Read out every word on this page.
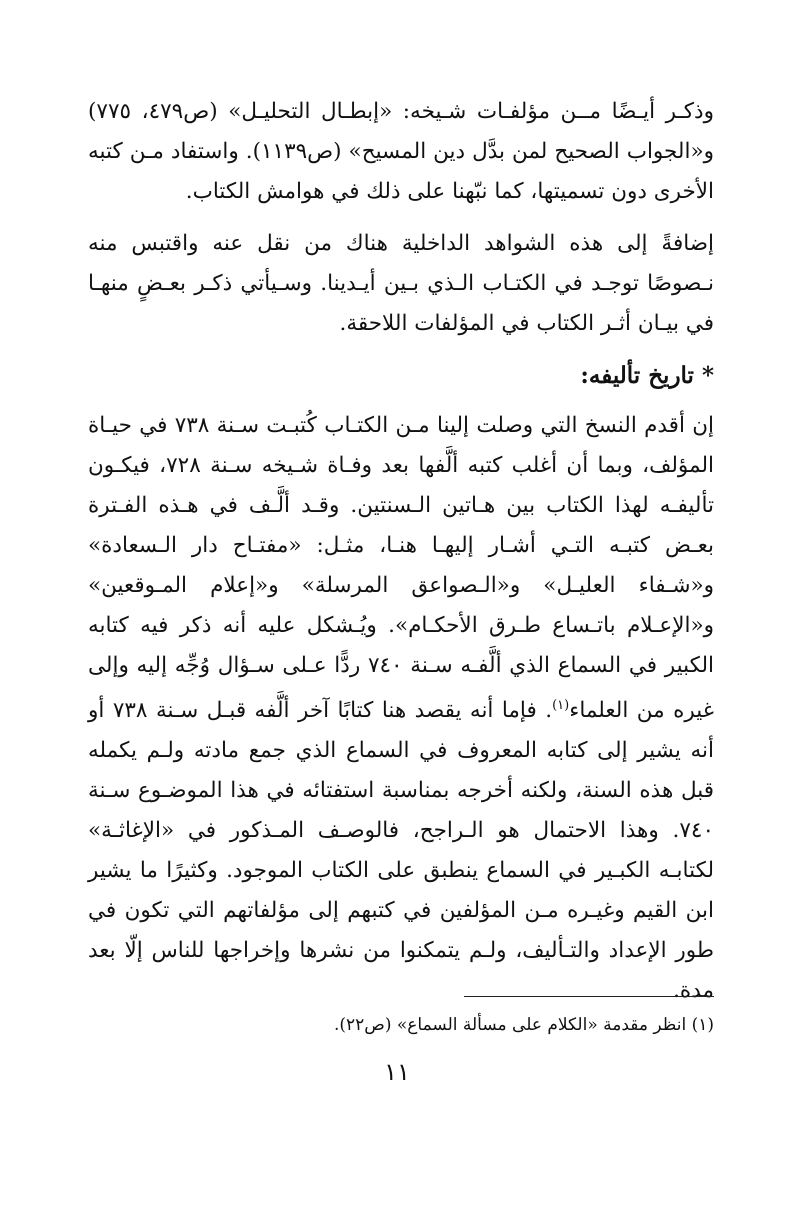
وذكـر أيـضًا مــن مؤلفـات شـيخه: «إبطـال التحليـل» (ص٤٧٩، ٧٧٥) و«الجواب الصحيح لمن بدَّل دين المسيح» (ص١١٣٩). واستفاد مـن كتبه الأخرى دون تسميتها، كما نبّهنا على ذلك في هوامش الكتاب.

إضافةً إلى هذه الشواهد الداخلية هناك من نقل عنه واقتبس منه نـصوصًا توجـد في الكتـاب الـذي بـين أيـدينا. وسـيأتي ذكـر بعـضٍ منهـا في بيـان أثـر الكتاب في المؤلفات اللاحقة.

* تاريخ تأليفه:

إن أقدم النسخ التي وصلت إلينا مـن الكتـاب كُتبـت سـنة ٧٣٨ في حيـاة المؤلف، وبما أن أغلب كتبه ألَّفها بعد وفـاة شـيخه سـنة ٧٢٨، فيكـون تأليفـه لهذا الكتاب بين هـاتين الـسنتين. وقـد ألَّـف في هـذه الفـترة بعـض كتبـه التـي أشـار إليهـا هنـا، مثـل: «مفتـاح دار الـسعادة» و«شـفاء العليـل» و«الـصواعق المرسلة» و«إعلام المـوقعين» و«الإعـلام باتـساع طـرق الأحكـام». ويُـشكل عليه أنه ذكر فيه كتابه الكبير في السماع الذي ألَّفـه سـنة ٧٤٠ ردًّا عـلى سـؤال وُجِّه إليه وإلى غيره من العلماء$^{(١)}$. فإما أنه يقصد هنا كتابًا آخر ألَّفه قبـل سـنة ٧٣٨ أو أنه يشير إلى كتابه المعروف في السماع الذي جمع مادته ولـم يكمله قبل هذه السنة، ولكنه أخرجه بمناسبة استفتائه في هذا الموضـوع سـنة ٧٤٠. وهذا الاحتمال هو الـراجح، فالوصـف المـذكور في «الإغاثـة» لكتابـه الكبـير في السماع ينطبق على الكتاب الموجود. وكثيرًا ما يشير ابن القيم وغيـره مـن المؤلفين في كتبهم إلى مؤلفاتهم التي تكون في طور الإعداد والتـأليف، ولـم يتمكنوا من نشرها وإخراجها للناس إلّا بعد مدة.

(١) انظر مقدمة «الكلام على مسألة السماع» (ص٢٢).
١١
